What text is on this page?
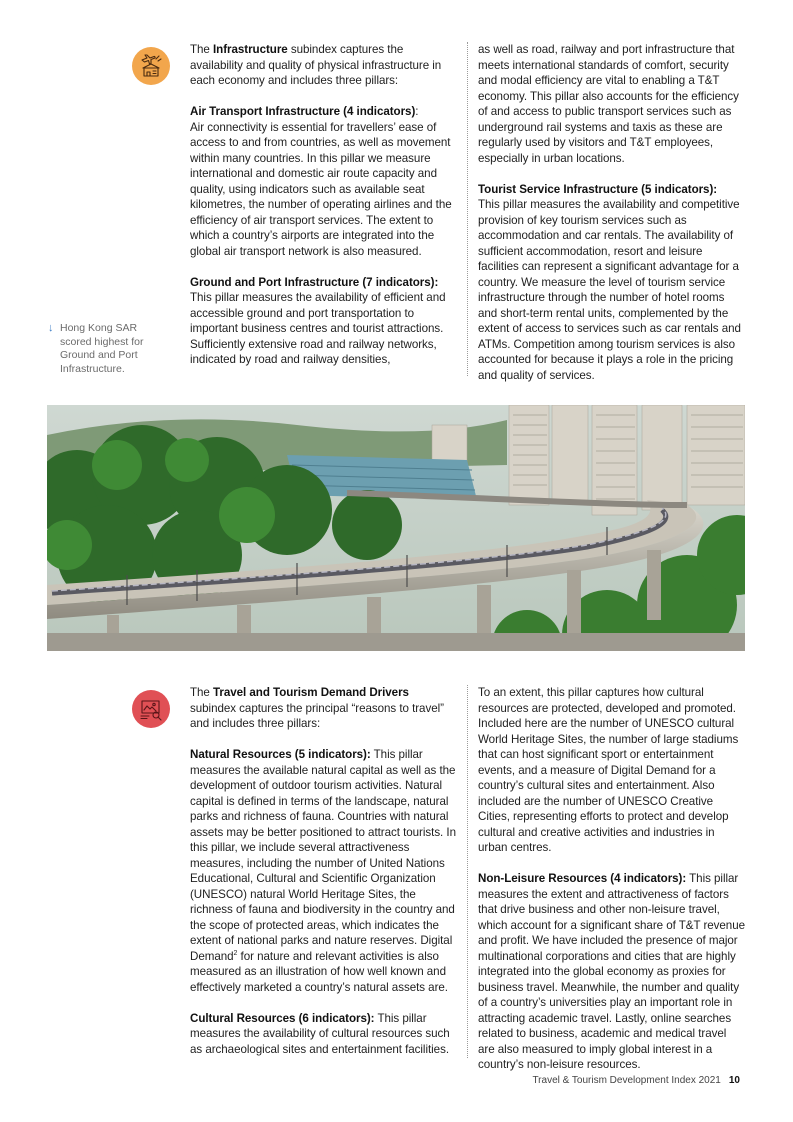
The Infrastructure subindex captures the availability and quality of physical infrastructure in each economy and includes three pillars:

Air Transport Infrastructure (4 indicators):
Air connectivity is essential for travellers’ ease of access to and from countries, as well as movement within many countries. In this pillar we measure international and domestic air route capacity and quality, using indicators such as available seat kilometres, the number of operating airlines and the efficiency of air transport services. The extent to which a country’s airports are integrated into the global air transport network is also measured.

Ground and Port Infrastructure (7 indicators):
This pillar measures the availability of efficient and accessible ground and port transportation to important business centres and tourist attractions. Sufficiently extensive road and railway networks, indicated by road and railway densities,

as well as road, railway and port infrastructure that meets international standards of comfort, security and modal efficiency are vital to enabling a T&T economy. This pillar also accounts for the efficiency of and access to public transport services such as underground rail systems and taxis as these are regularly used by visitors and T&T employees, especially in urban locations.

Tourist Service Infrastructure (5 indicators):
This pillar measures the availability and competitive provision of key tourism services such as accommodation and car rentals. The availability of sufficient accommodation, resort and leisure facilities can represent a significant advantage for a country. We measure the level of tourism service infrastructure through the number of hotel rooms and short-term rental units, complemented by the extent of access to services such as car rentals and ATMs. Competition among tourism services is also accounted for because it plays a role in the pricing and quality of services.

↓ Hong Kong SAR scored highest for Ground and Port Infrastructure.

The Travel and Tourism Demand Drivers subindex captures the principal “reasons to travel” and includes three pillars:

Natural Resources (5 indicators): This pillar measures the available natural capital as well as the development of outdoor tourism activities. Natural capital is defined in terms of the landscape, natural parks and richness of fauna. Countries with natural assets may be better positioned to attract tourists. In this pillar, we include several attractiveness measures, including the number of United Nations Educational, Cultural and Scientific Organization (UNESCO) natural World Heritage Sites, the richness of fauna and biodiversity in the country and the scope of protected areas, which indicates the extent of national parks and nature reserves. Digital Demand$^2$ for nature and relevant activities is also measured as an illustration of how well known and effectively marketed a country’s natural assets are.

Cultural Resources (6 indicators): This pillar measures the availability of cultural resources such as archaeological sites and entertainment facilities.

To an extent, this pillar captures how cultural resources are protected, developed and promoted. Included here are the number of UNESCO cultural World Heritage Sites, the number of large stadiums that can host significant sport or entertainment events, and a measure of Digital Demand for a country’s cultural sites and entertainment. Also included are the number of UNESCO Creative Cities, representing efforts to protect and develop cultural and creative activities and industries in urban centres.

Non-Leisure Resources (4 indicators): This pillar measures the extent and attractiveness of factors that drive business and other non-leisure travel, which account for a significant share of T&T revenue and profit. We have included the presence of major multinational corporations and cities that are highly integrated into the global economy as proxies for business travel. Meanwhile, the number and quality of a country’s universities play an important role in attracting academic travel. Lastly, online searches related to business, academic and medical travel are also measured to imply global interest in a country’s non-leisure resources.

Travel & Tourism Development Index 2021 10
